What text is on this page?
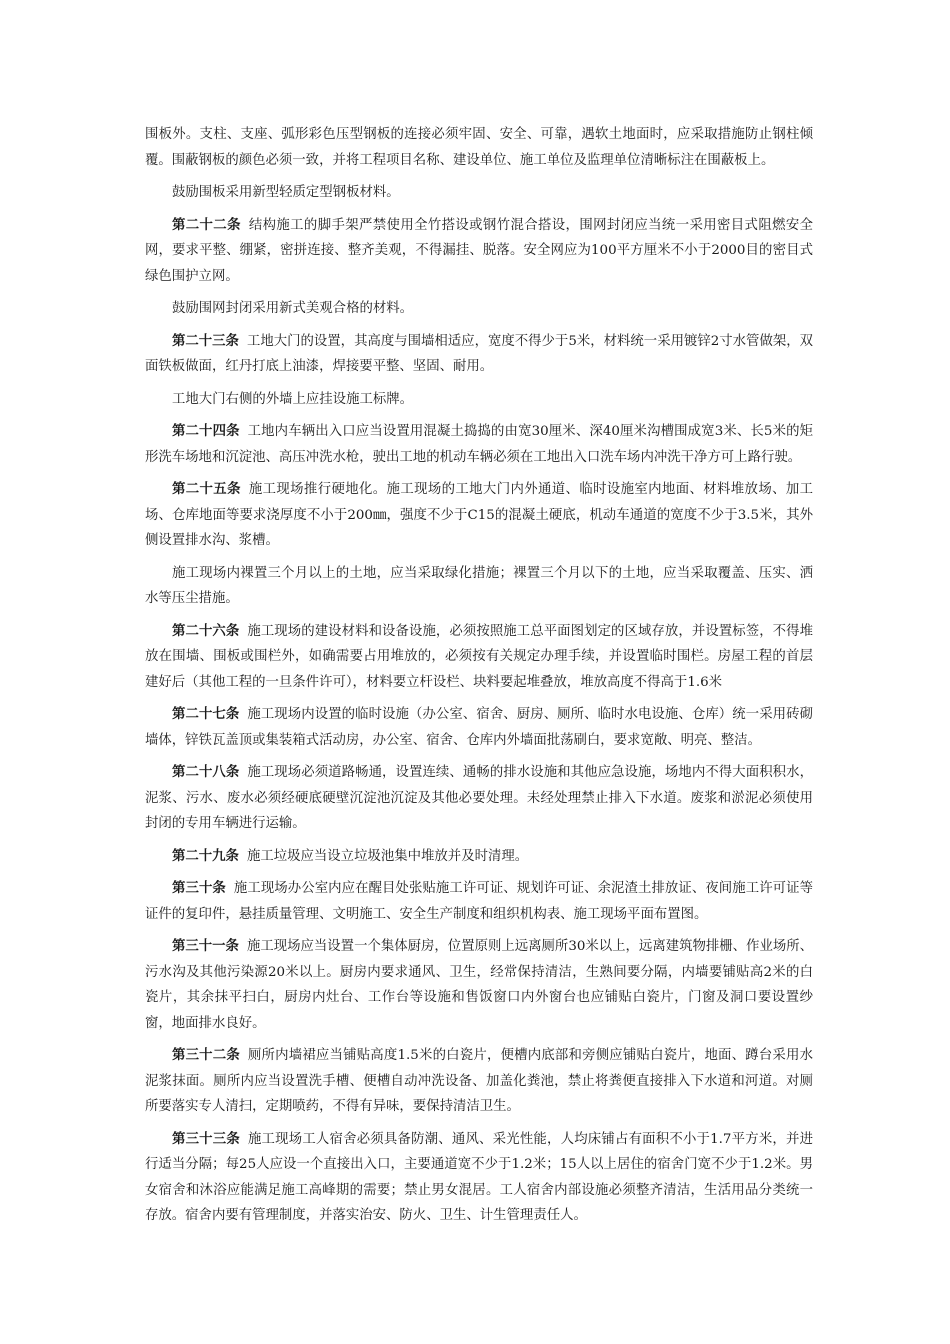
围板外。支柱、支座、弧形彩色压型钢板的连接必须牢固、安全、可靠，遇软土地面时，应采取措施防止钢柱倾覆。围蔽钢板的颜色必须一致，并将工程项目名称、建设单位、施工单位及监理单位清晰标注在围蔽板上。

鼓励围板采用新型轻质定型钢板材料。

第二十二条 结构施工的脚手架严禁使用全竹搭设或钢竹混合搭设，围网封闭应当统一采用密目式阻燃安全网，要求平整、绷紧，密拼连接、整齐美观，不得漏挂、脱落。安全网应为100平方厘米不小于2000目的密目式绿色围护立网。

鼓励围网封闭采用新式美观合格的材料。

第二十三条 工地大门的设置，其高度与围墙相适应，宽度不得少于5米，材料统一采用镀锌2寸水管做架，双面铁板做面，红丹打底上油漆，焊接要平整、坚固、耐用。

工地大门右侧的外墙上应挂设施工标牌。

第二十四条 工地内车辆出入口应当设置用混凝土捣捣的由宽30厘米、深40厘米沟槽围成宽3米、长5米的矩形洗车场地和沉淀池、高压冲洗水枪，驶出工地的机动车辆必须在工地出入口洗车场内冲洗干净方可上路行驶。

第二十五条 施工现场推行硬地化。施工现场的工地大门内外通道、临时设施室内地面、材料堆放场、加工场、仓库地面等要求浇厚度不小于200㎜，强度不少于C15的混凝土硬底，机动车通道的宽度不少于3.5米，其外侧设置排水沟、浆槽。

施工现场内裸置三个月以上的土地，应当采取绿化措施；裸置三个月以下的土地，应当采取覆盖、压实、洒水等压尘措施。

第二十六条 施工现场的建设材料和设备设施，必须按照施工总平面图划定的区域存放，并设置标签，不得堆放在围墙、围板或围栏外，如确需要占用堆放的，必须按有关规定办理手续，并设置临时围栏。房屋工程的首层建好后（其他工程的一旦条件许可），材料要立杆设栏、块料要起堆叠放，堆放高度不得高于1.6米

第二十七条 施工现场内设置的临时设施（办公室、宿舍、厨房、厕所、临时水电设施、仓库）统一采用砖砌墙体，锌铁瓦盖顶或集装箱式活动房，办公室、宿舍、仓库内外墙面批荡刷白，要求宽敞、明亮、整洁。

第二十八条 施工现场必须道路畅通，设置连续、通畅的排水设施和其他应急设施，场地内不得大面积积水，泥浆、污水、废水必须经硬底硬壁沉淀池沉淀及其他必要处理。未经处理禁止排入下水道。废浆和淤泥必须使用封闭的专用车辆进行运输。

第二十九条 施工垃圾应当设立垃圾池集中堆放并及时清理。

第三十条 施工现场办公室内应在醒目处张贴施工许可证、规划许可证、余泥渣土排放证、夜间施工许可证等证件的复印件，悬挂质量管理、文明施工、安全生产制度和组织机构表、施工现场平面布置图。

第三十一条 施工现场应当设置一个集体厨房，位置原则上远离厕所30米以上，远离建筑物排栅、作业场所、污水沟及其他污染源20米以上。厨房内要求通风、卫生，经常保持清洁，生熟间要分隔，内墙要铺贴高2米的白瓷片，其余抹平扫白，厨房内灶台、工作台等设施和售饭窗口内外窗台也应铺贴白瓷片，门窗及洞口要设置纱窗，地面排水良好。

第三十二条 厕所内墙裙应当铺贴高度1.5米的白瓷片，便槽内底部和旁侧应铺贴白瓷片，地面、蹲台采用水泥浆抹面。厕所内应当设置洗手槽、便槽自动冲洗设备、加盖化粪池，禁止将粪便直接排入下水道和河道。对厕所要落实专人清扫，定期喷药，不得有异味，要保持清洁卫生。

第三十三条 施工现场工人宿舍必须具备防潮、通风、采光性能，人均床铺占有面积不小于1.7平方米，并进行适当分隔；每25人应设一个直接出入口，主要通道宽不少于1.2米；15人以上居住的宿舍门宽不少于1.2米。男女宿舍和沐浴应能满足施工高峰期的需要；禁止男女混居。工人宿舍内部设施必须整齐清洁，生活用品分类统一存放。宿舍内要有管理制度，并落实治安、防火、卫生、计生管理责任人。
